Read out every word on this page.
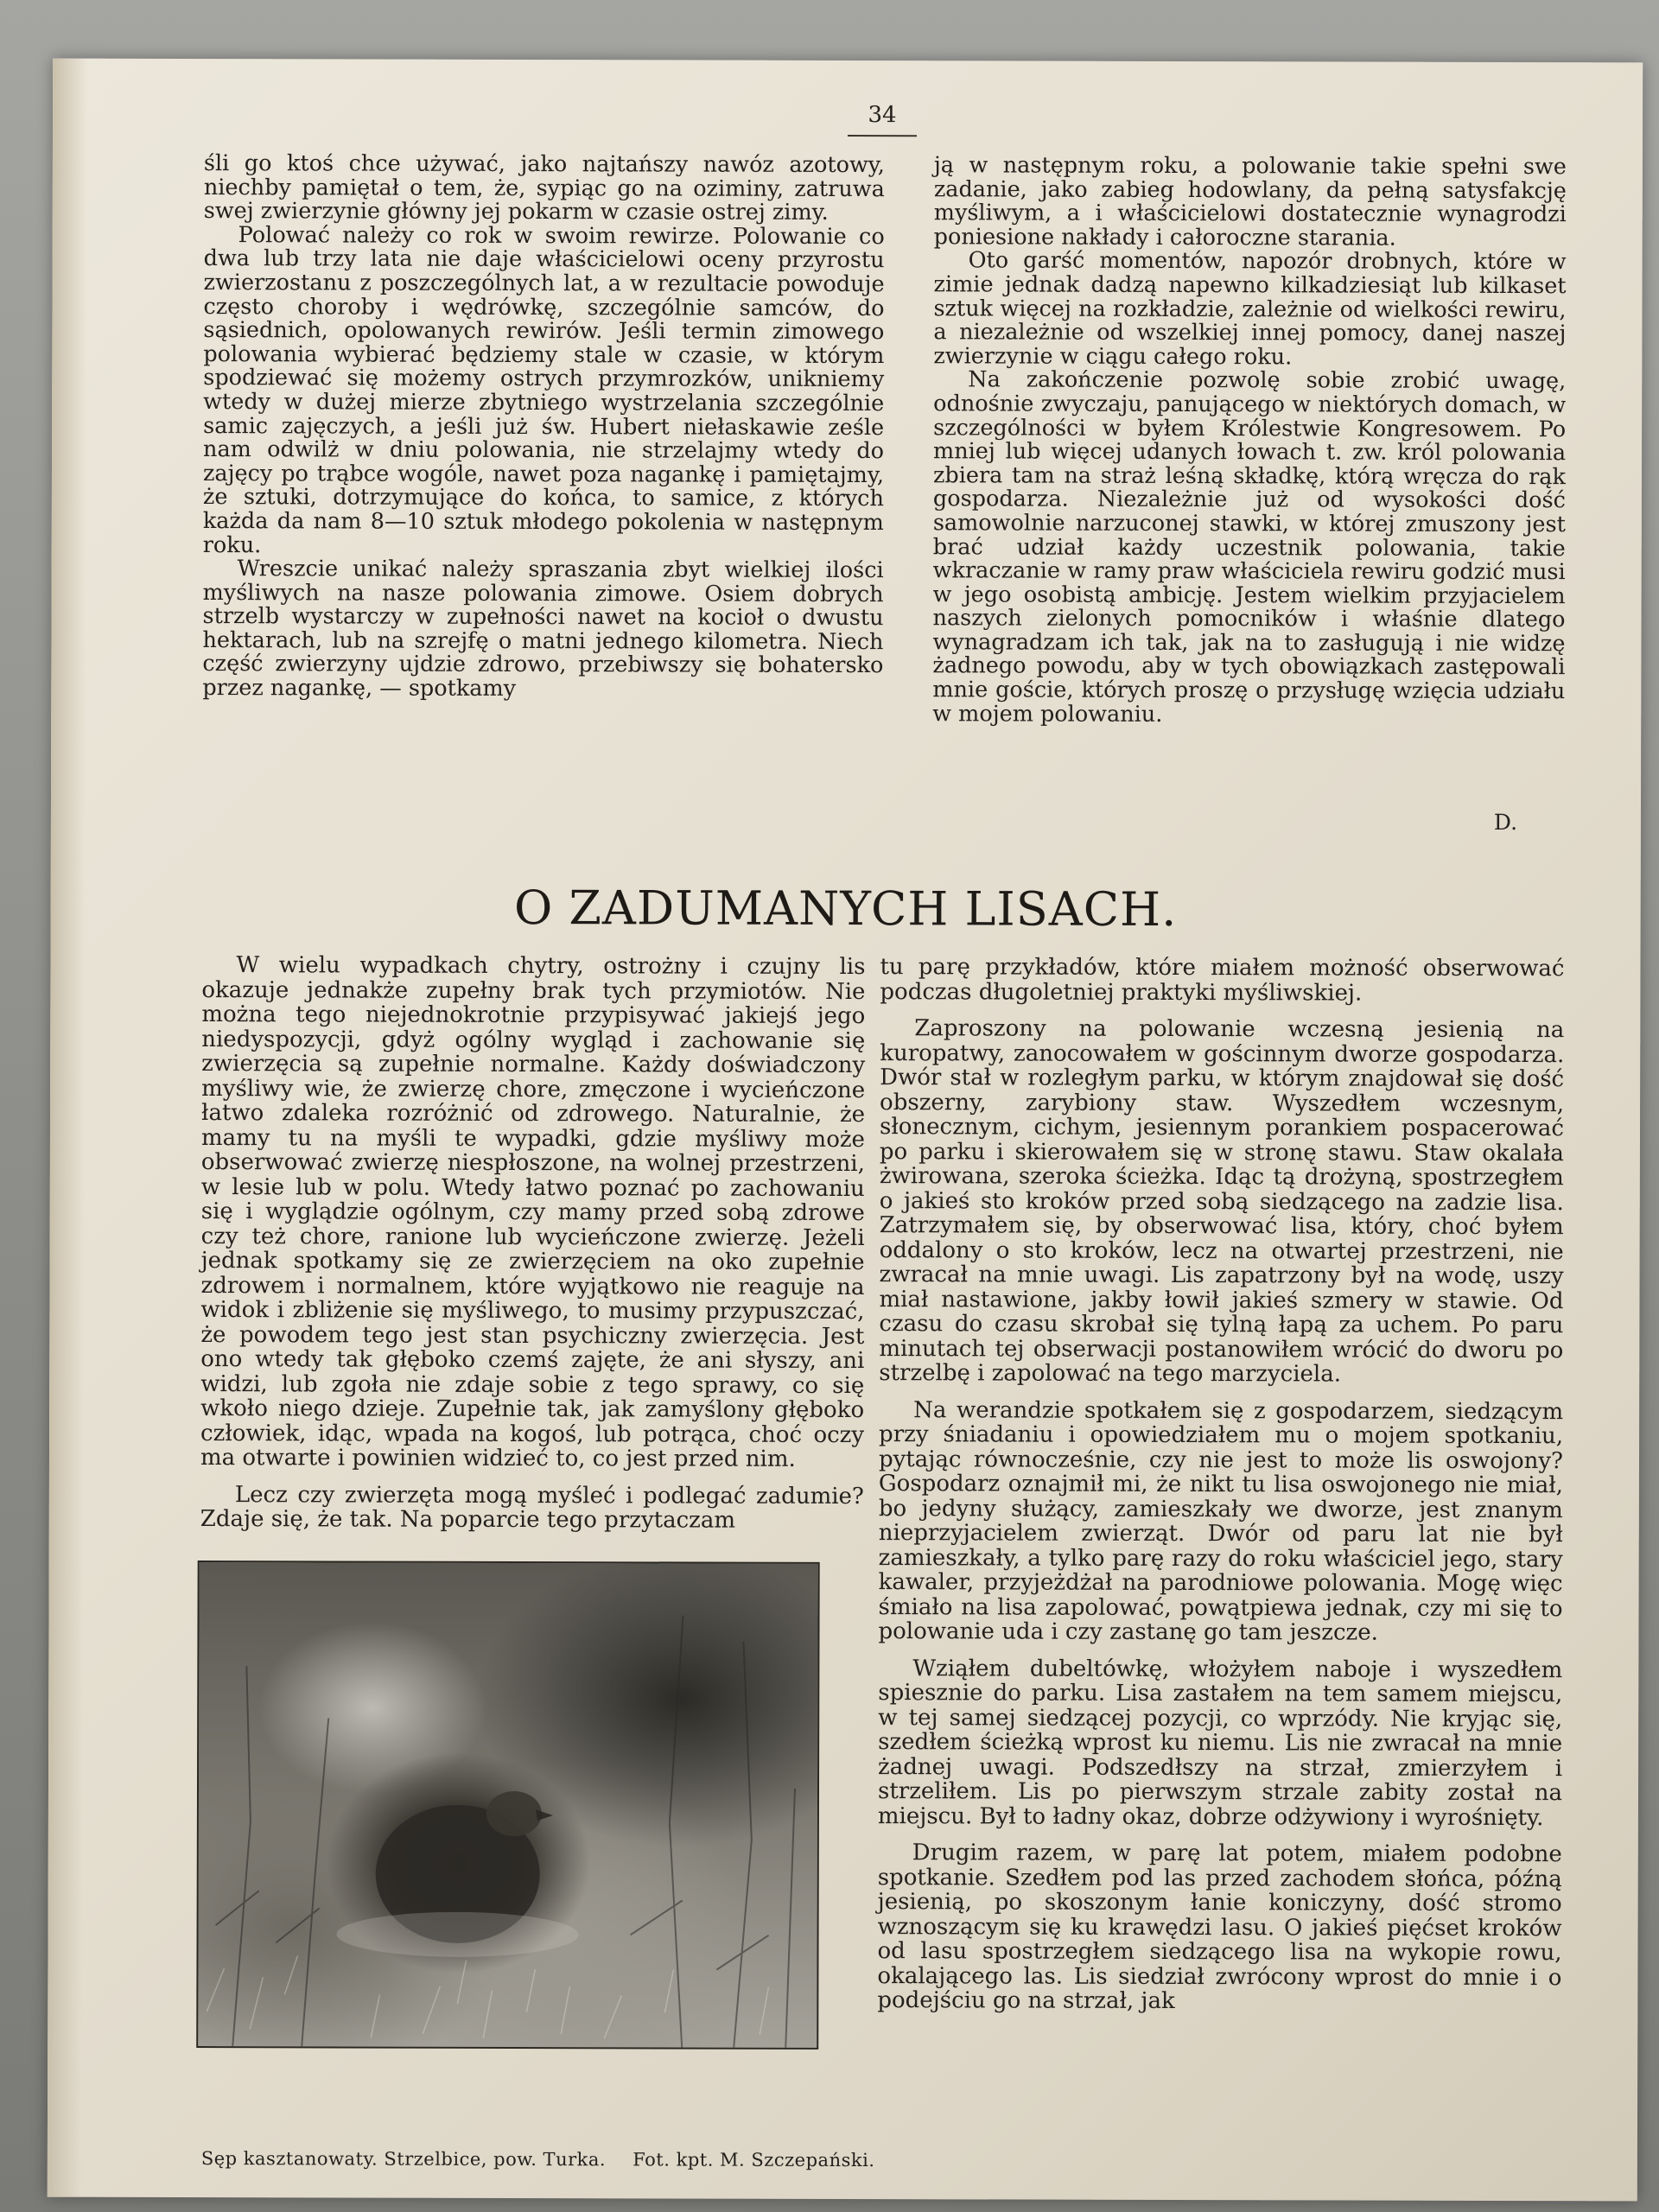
34

śli go ktoś chce używać, jako najtańszy nawóz azotowy, niechby pamiętał o tem, że, sypiąc go na oziminy, zatruwa swej zwierzynie główny jej pokarm w czasie ostrej zimy.

Polować należy co rok w swoim rewirze. Polowanie co dwa lub trzy lata nie daje właścicielowi oceny przyrostu zwierzostanu z poszczególnych lat, a w rezultacie powoduje często choroby i wędrówkę, szczególnie samców, do sąsiednich, opolowanych rewirów. Jeśli termin zimowego polowania wybierać będziemy stale w czasie, w którym spodziewać się możemy ostrych przymrozków, unikniemy wtedy w dużej mierze zbytniego wystrzelania szczególnie samic zajęczych, a jeśli już św. Hubert niełaskawie ześle nam odwilż w dniu polowania, nie strzelajmy wtedy do zajęcy po trąbce wogóle, nawet poza nagankę i pamiętajmy, że sztuki, dotrzymujące do końca, to samice, z których każda da nam 8—10 sztuk młodego pokolenia w następnym roku.

Wreszcie unikać należy spraszania zbyt wielkiej ilości myśliwych na nasze polowania zimowe. Osiem dobrych strzelb wystarczy w zupełności nawet na kocioł o dwustu hektarach, lub na szrejfę o matni jednego kilometra. Niech część zwierzyny ujdzie zdrowo, przebiwszy się bohatersko przez nagankę, — spotkamy

ją w następnym roku, a polowanie takie spełni swe zadanie, jako zabieg hodowlany, da pełną satysfakcję myśliwym, a i właścicielowi dostatecznie wynagrodzi poniesione nakłady i całoroczne starania.

Oto garść momentów, napozór drobnych, które w zimie jednak dadzą napewno kilkadziesiąt lub kilkaset sztuk więcej na rozkładzie, zależnie od wielkości rewiru, a niezależnie od wszelkiej innej pomocy, danej naszej zwierzynie w ciągu całego roku.

Na zakończenie pozwolę sobie zrobić uwagę, odnośnie zwyczaju, panującego w niektórych domach, w szczególności w byłem Królestwie Kongresowem. Po mniej lub więcej udanych łowach t. zw. król polowania zbiera tam na straż leśną składkę, którą wręcza do rąk gospodarza. Niezależnie już od wysokości dość samowolnie narzuconej stawki, w której zmuszony jest brać udział każdy uczestnik polowania, takie wkraczanie w ramy praw właściciela rewiru godzić musi w jego osobistą ambicję. Jestem wielkim przyjacielem naszych zielonych pomocników i właśnie dlatego wynagradzam ich tak, jak na to zasługują i nie widzę żadnego powodu, aby w tych obowiązkach zastępowali mnie goście, których proszę o przysługę wzięcia udziału w mojem polowaniu.

D.
O ZADUMANYCH LISACH.

W wielu wypadkach chytry, ostrożny i czujny lis okazuje jednakże zupełny brak tych przymiotów. Nie można tego niejednokrotnie przypisywać jakiejś jego niedyspozycji, gdyż ogólny wygląd i zachowanie się zwierzęcia są zupełnie normalne. Każdy doświadczony myśliwy wie, że zwierzę chore, zmęczone i wycieńczone łatwo zdaleka rozróżnić od zdrowego. Naturalnie, że mamy tu na myśli te wypadki, gdzie myśliwy może obserwować zwierzę niespłoszone, na wolnej przestrzeni, w lesie lub w polu. Wtedy łatwo poznać po zachowaniu się i wyglądzie ogólnym, czy mamy przed sobą zdrowe czy też chore, ranione lub wycieńczone zwierzę. Jeżeli jednak spotkamy się ze zwierzęciem na oko zupełnie zdrowem i normalnem, które wyjątkowo nie reaguje na widok i zbliżenie się myśliwego, to musimy przypuszczać, że powodem tego jest stan psychiczny zwierzęcia. Jest ono wtedy tak głęboko czemś zajęte, że ani słyszy, ani widzi, lub zgoła nie zdaje sobie z tego sprawy, co się wkoło niego dzieje. Zupełnie tak, jak zamyślony głęboko człowiek, idąc, wpada na kogoś, lub potrąca, choć oczy ma otwarte i powinien widzieć to, co jest przed nim.

Lecz czy zwierzęta mogą myśleć i podlegać zadumie? Zdaje się, że tak. Na poparcie tego przytaczam

tu parę przykładów, które miałem możność obserwować podczas długoletniej praktyki myśliwskiej.

Zaproszony na polowanie wczesną jesienią na kuropatwy, zanocowałem w gościnnym dworze gospodarza. Dwór stał w rozległym parku, w którym znajdował się dość obszerny, zarybiony staw. Wyszedłem wczesnym, słonecznym, cichym, jesiennym porankiem pospacerować po parku i skierowałem się w stronę stawu. Staw okalała żwirowana, szeroka ścieżka. Idąc tą drożyną, spostrzegłem o jakieś sto kroków przed sobą siedzącego na zadzie lisa. Zatrzymałem się, by obserwować lisa, który, choć byłem oddalony o sto kroków, lecz na otwartej przestrzeni, nie zwracał na mnie uwagi. Lis zapatrzony był na wodę, uszy miał nastawione, jakby łowił jakieś szmery w stawie. Od czasu do czasu skrobał się tylną łapą za uchem. Po paru minutach tej obserwacji postanowiłem wrócić do dworu po strzelbę i zapolować na tego marzyciela.

Na werandzie spotkałem się z gospodarzem, siedzącym przy śniadaniu i opowiedziałem mu o mojem spotkaniu, pytając równocześnie, czy nie jest to może lis oswojony? Gospodarz oznajmił mi, że nikt tu lisa oswojonego nie miał, bo jedyny służący, zamieszkały we dworze, jest znanym nieprzyjacielem zwierząt. Dwór od paru lat nie był zamieszkały, a tylko parę razy do roku właściciel jego, stary kawaler, przyjeżdżał na parodniowe polowania. Mogę więc śmiało na lisa zapolować, powątpiewa jednak, czy mi się to polowanie uda i czy zastanę go tam jeszcze.

Wziąłem dubeltówkę, włożyłem naboje i wyszedłem spiesznie do parku. Lisa zastałem na tem samem miejscu, w tej samej siedzącej pozycji, co wprzódy. Nie kryjąc się, szedłem ścieżką wprost ku niemu. Lis nie zwracał na mnie żadnej uwagi. Podszedłszy na strzał, zmierzyłem i strzeliłem. Lis po pierwszym strzale zabity został na miejscu. Był to ładny okaz, dobrze odżywiony i wyrośnięty.

Drugim razem, w parę lat potem, miałem podobne spotkanie. Szedłem pod las przed zachodem słońca, późną jesienią, po skoszonym łanie koniczyny, dość stromo wznoszącym się ku krawędzi lasu. O jakieś pięćset kroków od lasu spostrzegłem siedzącego lisa na wykopie rowu, okalającego las. Lis siedział zwrócony wprost do mnie i o podejściu go na strzał, jak

Sęp kasztanowaty. Strzelbice, pow. Turka. Fot. kpt. M. Szczepański.
